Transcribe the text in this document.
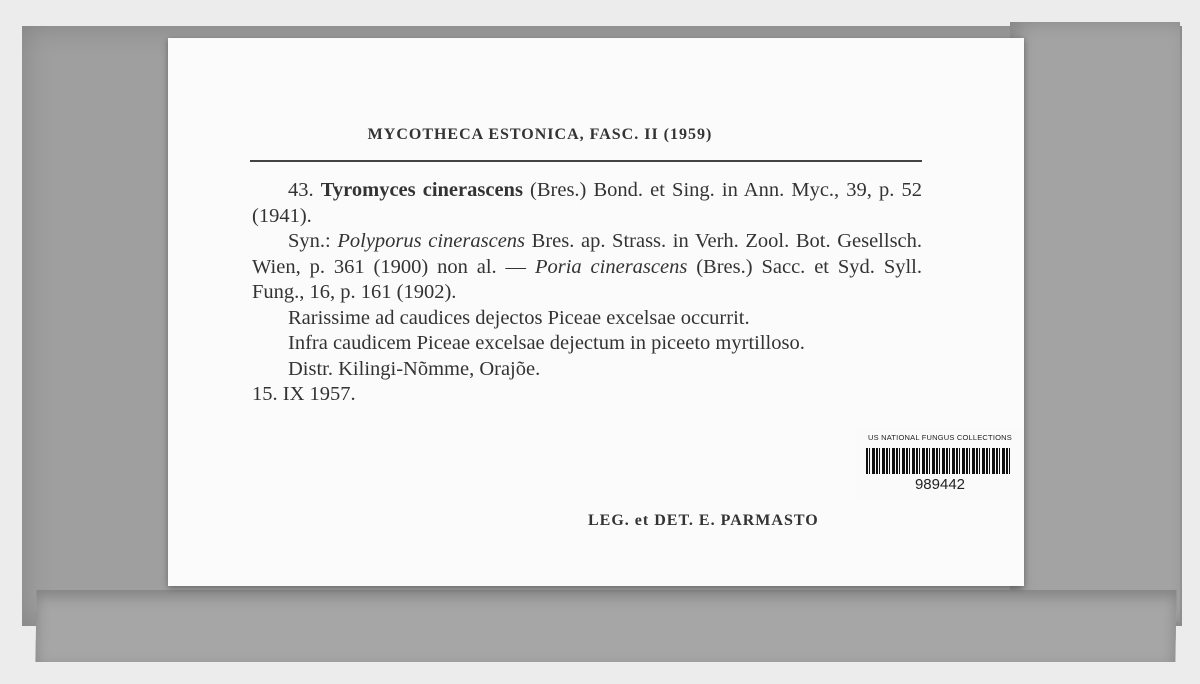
MYCOTHECA ESTONICA, FASC. II (1959)

43. Tyromyces cinerascens (Bres.) Bond. et Sing. in Ann. Myc., 39, p. 52 (1941).

Syn.: Polyporus cinerascens Bres. ap. Strass. in Verh. Zool. Bot. Gesellsch. Wien, p. 361 (1900) non al. — Poria cinerascens (Bres.) Sacc. et Syd. Syll. Fung., 16, p. 161 (1902).

Rarissime ad caudices dejectos Piceae excelsae occurrit.

Infra caudicem Piceae excelsae dejectum in piceeto myrtilloso.

Distr. Kilingi-Nõmme, Orajõe.

15. IX 1957.

LEG. et DET. E. PARMASTO
US NATIONAL FUNGUS COLLECTIONS
989442
